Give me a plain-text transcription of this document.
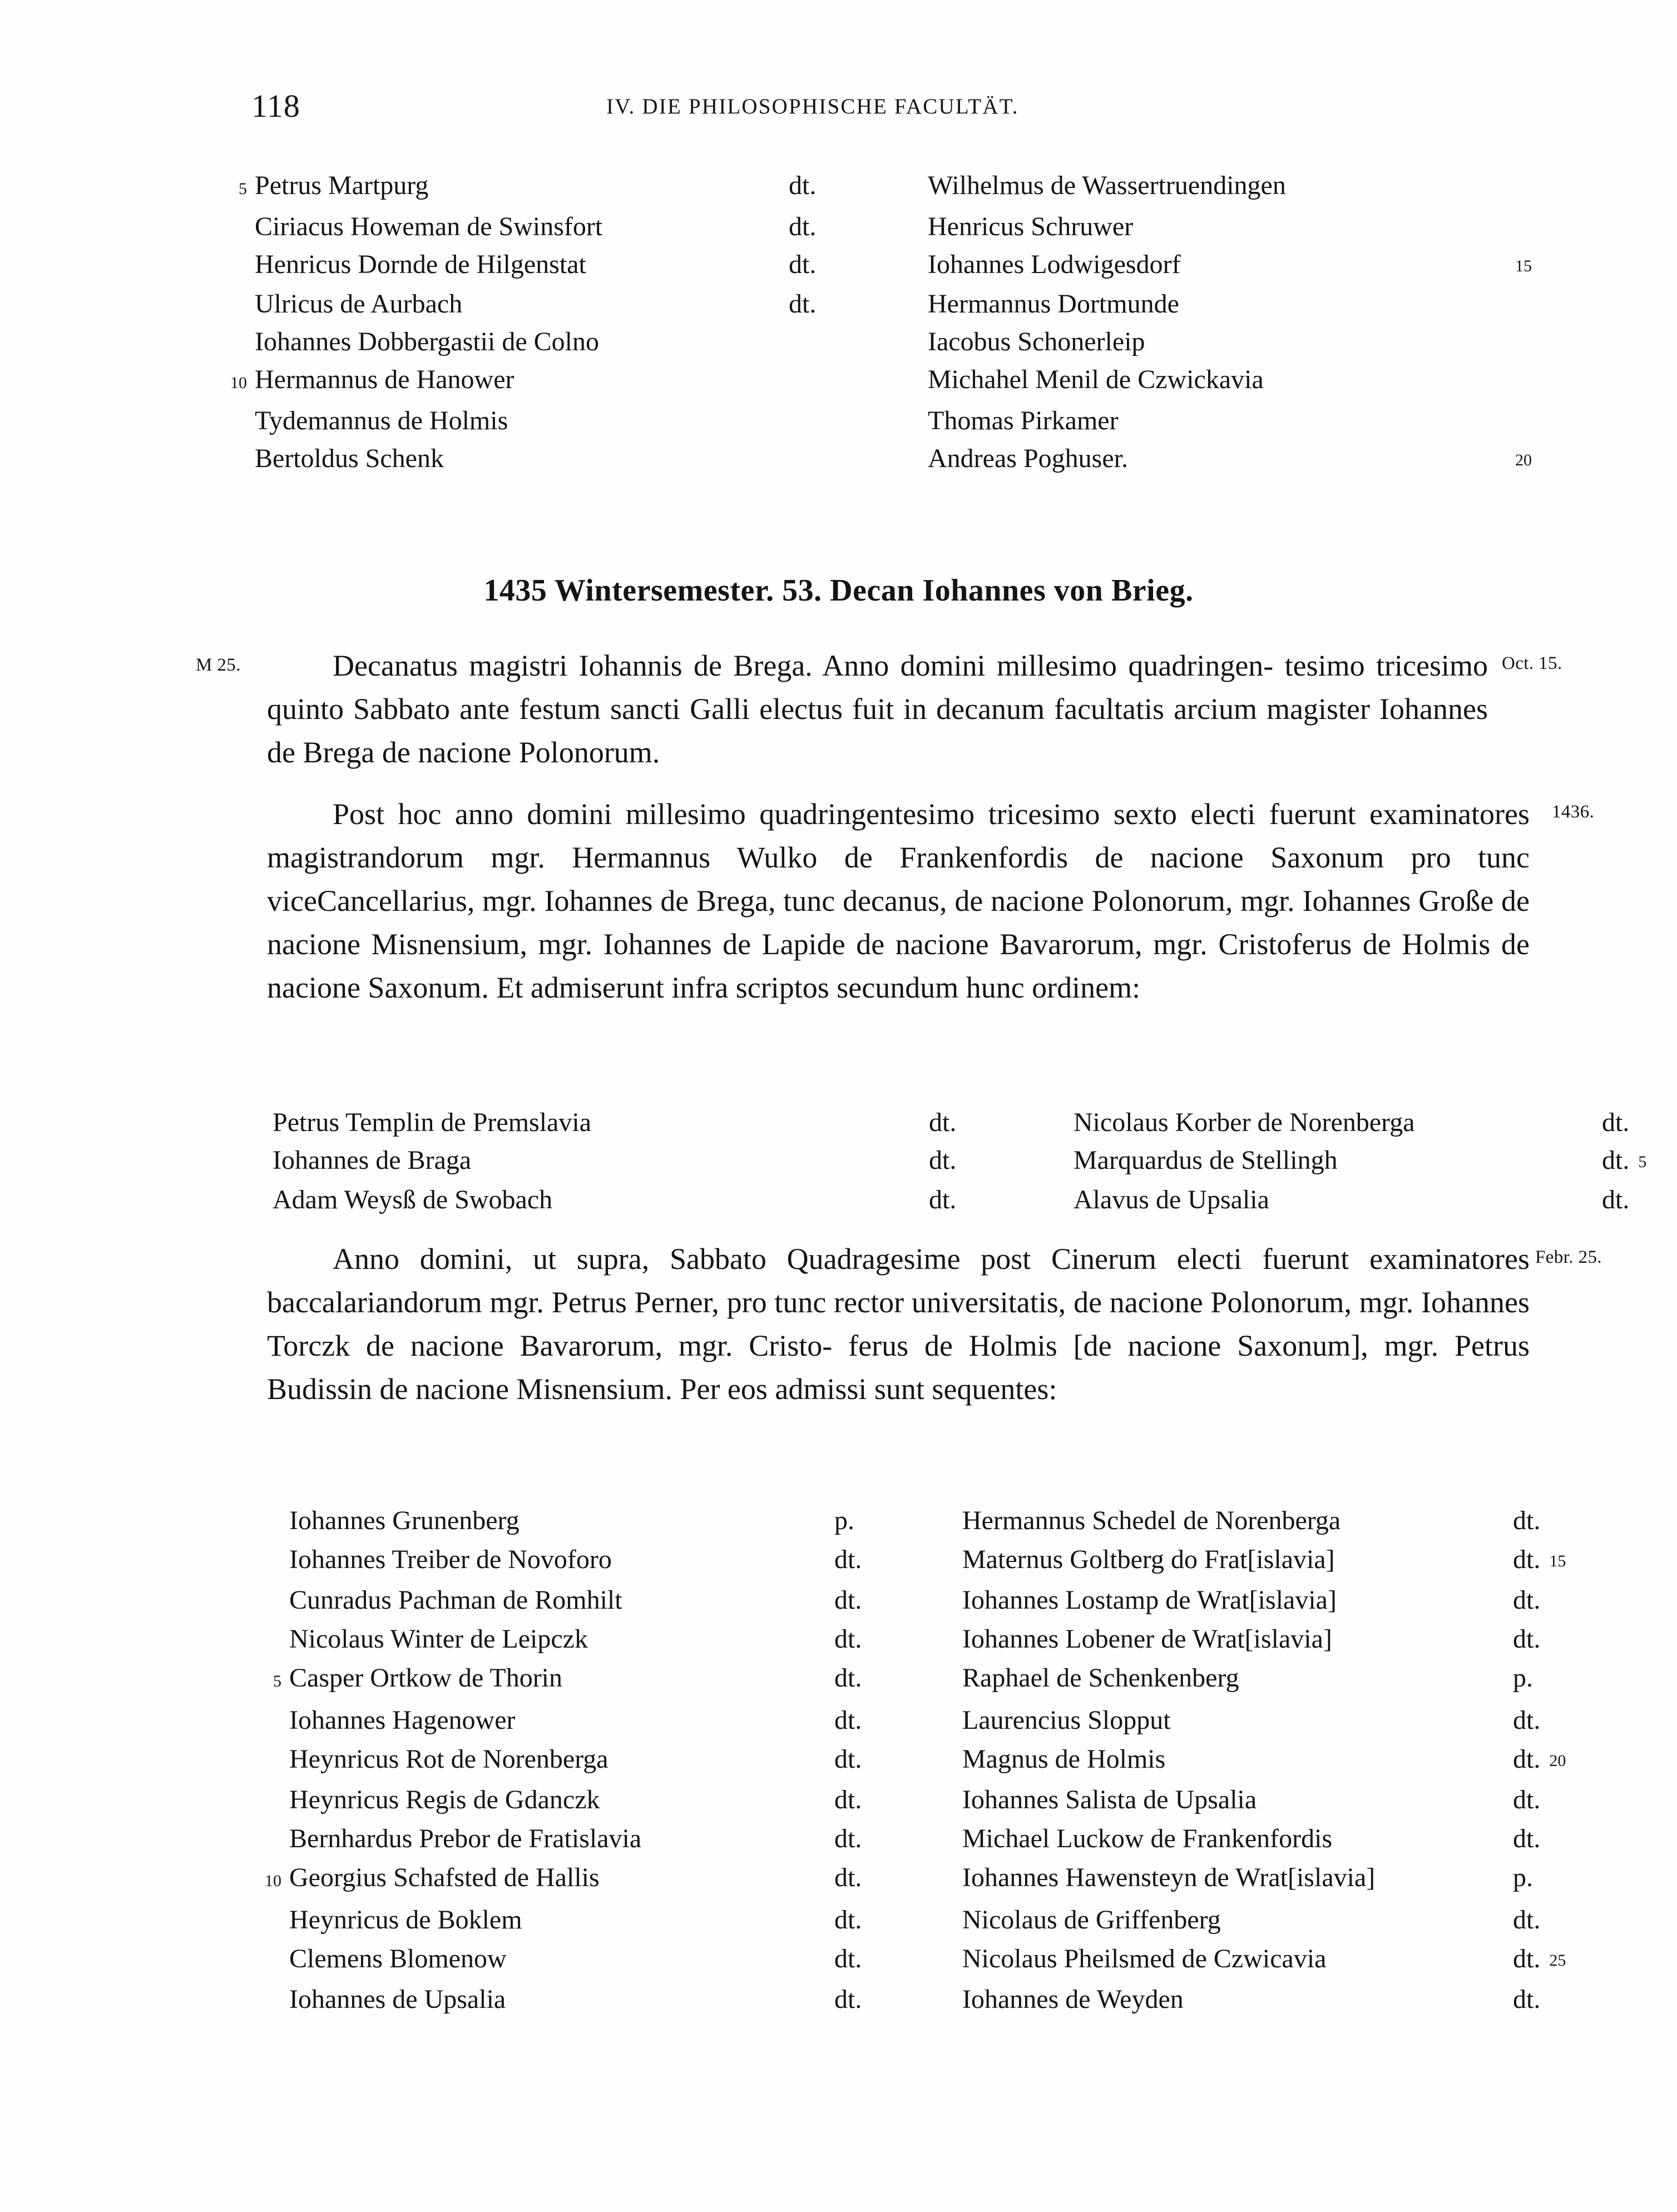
118	IV. DIE PHILOSOPHISCHE FACULTÄT.
5 Petrus Martpurg	dt.	Wilhelmus de Wassertruendingen
Ciriacus Howeman de Swinsfort	dt.	Henricus Schruwer
Henricus Dornde de Hilgenstat	dt.	Iohannes Lodwigesdorf	15
Ulricus de Aurbach	dt.	Hermannus Dortmunde
Iohannes Dobbergastii de Colno	Iacobus Schonerleip
10 Hermannus de Hanower	Michahel Menil de Czwickavia
Tydemannus de Holmis	Thomas Pirkamer
Bertoldus Schenk	Andreas Poghuser.	20
1435 Wintersemester. 53. Decan Iohannes von Brieg.
M 25.	Oct. 15.
Decanatus magistri Iohannis de Brega. Anno domini millesimo quadringen- tesimo tricesimo quinto Sabbato ante festum sancti Galli electus fuit in decanum facultatis arcium magister Iohannes de Brega de nacione Polonorum.
1436.
Post hoc anno domini millesimo quadringentesimo tricesimo sexto electi fuerunt examinatores magistrandorum mgr. Hermannus Wulko de Frankenfordis de nacione Saxonum pro tunc viceCancellarius, mgr. Iohannes de Brega, tunc decanus, de nacione Polonorum, mgr. Iohannes Große de nacione Misnensium, mgr. Iohannes de Lapide de nacione Bavarorum, mgr. Cristoferus de Holmis de nacione Saxonum. Et admiserunt infra scriptos secundum hunc ordinem:
Petrus Templin de Premslavia	dt.	Nicolaus Korber de Norenberga	dt.
Iohannes de Braga	dt.	Marquardus de Stellingh	dt. 5
Adam Weysß de Swobach	dt.	Alavus de Upsalia	dt.
Febr. 25.
Anno domini, ut supra, Sabbato Quadragesime post Cinerum electi fuerunt examinatores baccalariandorum mgr. Petrus Perner, pro tunc rector universitatis, de nacione Polonorum, mgr. Iohannes Torczk de nacione Bavarorum, mgr. Cristo- ferus de Holmis [de nacione Saxonum], mgr. Petrus Budissin de nacione Misnensium. Per eos admissi sunt sequentes:
Iohannes Grunenberg	p.	Hermannus Schedel de Norenberga	dt.
Iohannes Treiber de Novoforo	dt.	Maternus Goltberg do Frat[islavia]	dt. 15
Cunradus Pachman de Romhilt	dt.	Iohannes Lostamp de Wrat[islavia]	dt.
Nicolaus Winter de Leipczk	dt.	Iohannes Lobener de Wrat[islavia]	dt.
5 Casper Ortkow de Thorin	dt.	Raphael de Schenkenberg	p.
Iohannes Hagenower	dt.	Laurencius Slopput	dt.
Heynricus Rot de Norenberga	dt.	Magnus de Holmis	dt. 20
Heynricus Regis de Gdanczk	dt.	Iohannes Salista de Upsalia	dt.
Bernhardus Prebor de Fratislavia	dt.	Michael Luckow de Frankenfordis	dt.
10 Georgius Schafsted de Hallis	dt.	Iohannes Hawensteyn de Wrat[islavia]	p.
Heynricus de Boklem	dt.	Nicolaus de Griffenberg	dt.
Clemens Blomenow	dt.	Nicolaus Pheilsmed de Czwicavia	dt. 25
Iohannes de Upsalia	dt.	Iohannes de Weyden	dt.
